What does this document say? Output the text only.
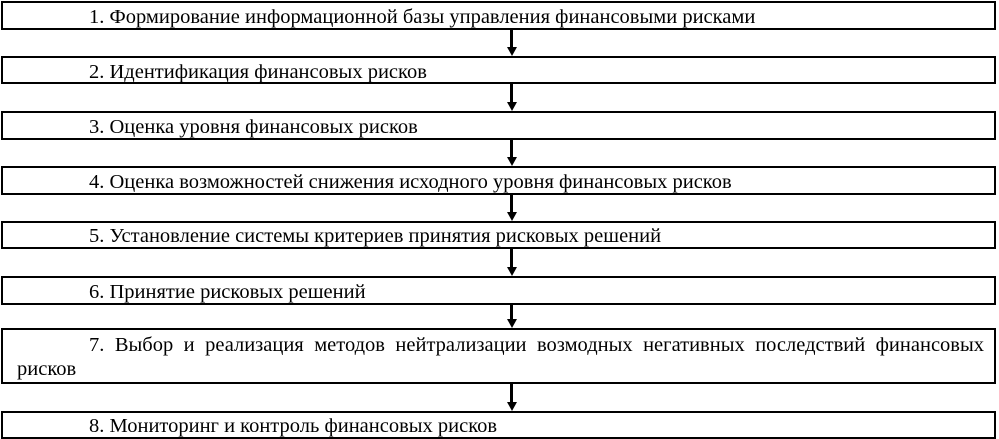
1. Формирование информационной базы управления финансовыми рисками
2. Идентификация финансовых рисков
3. Оценка уровня финансовых рисков
4. Оценка возможностей снижения исходного уровня финансовых рисков
5. Установление системы критериев принятия рисковых решений
6. Принятие рисковых решений
7. Выбор и реализация методов нейтрализации возмодных негативных последствий финансовых рисков
8. Мониторинг и контроль финансовых рисков
